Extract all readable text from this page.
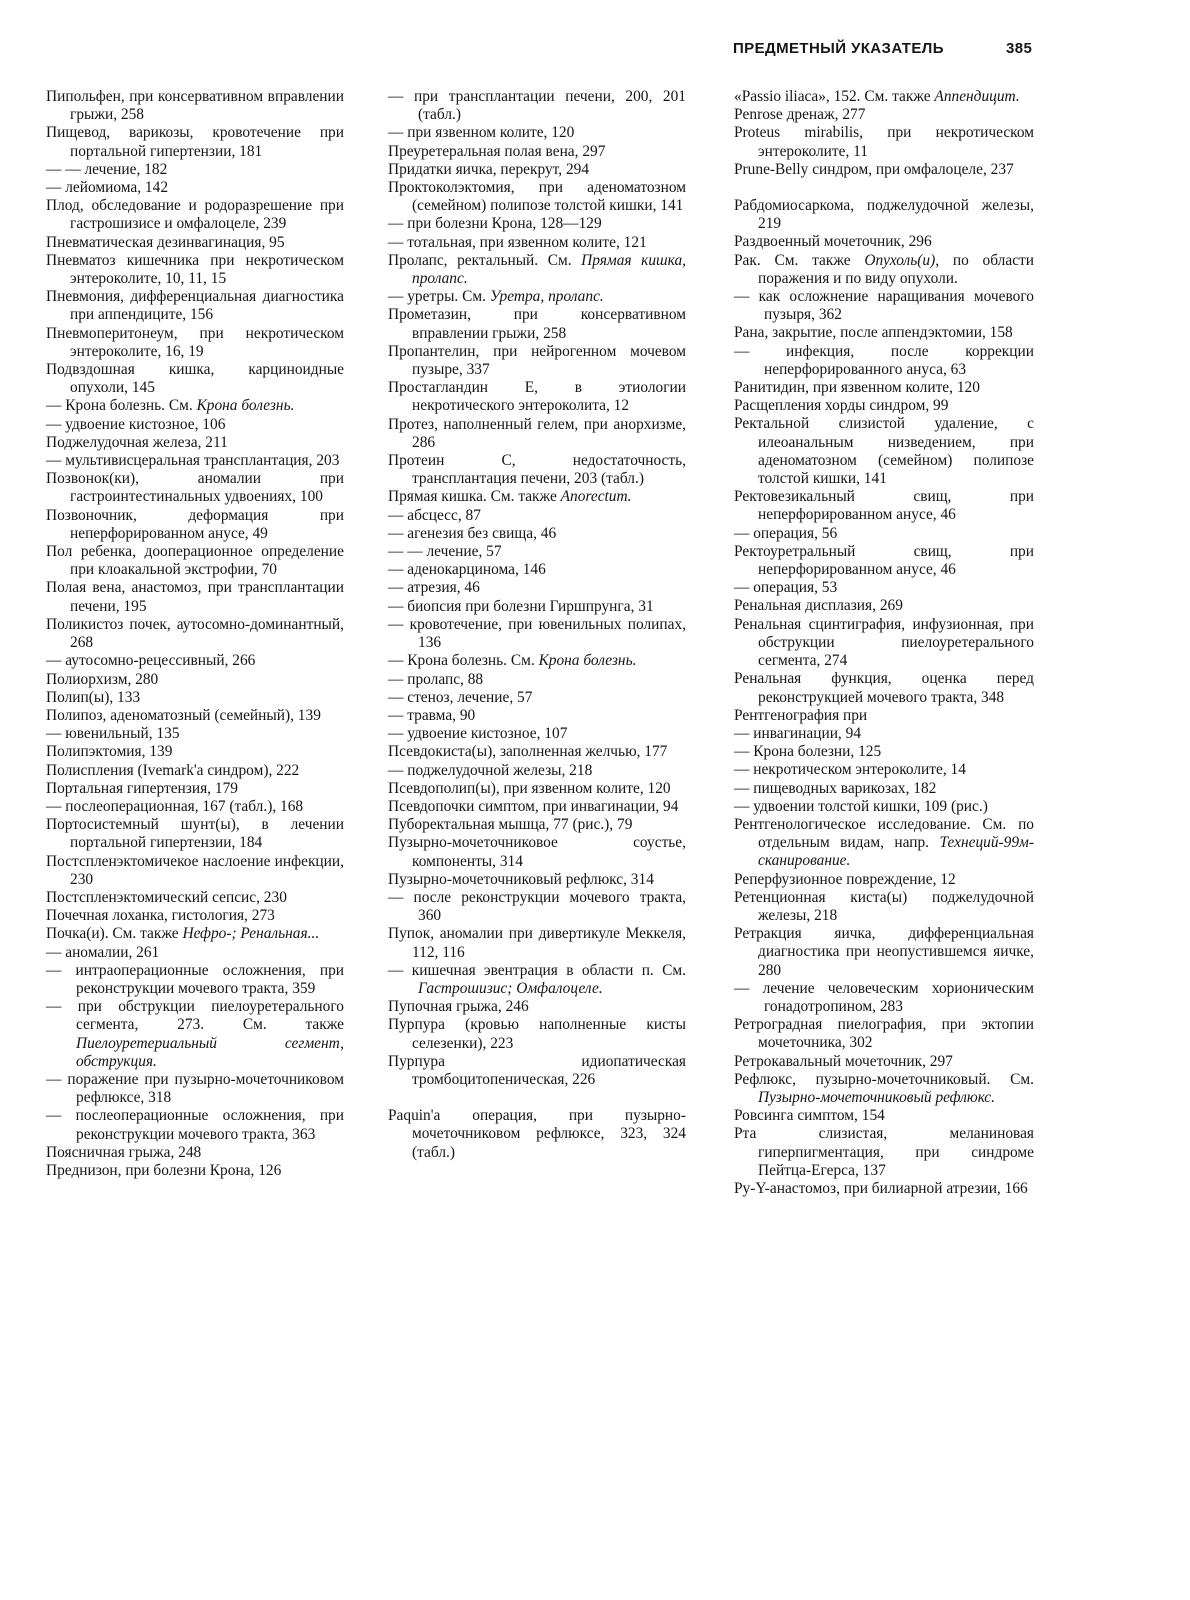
ПРЕДМЕТНЫЙ УКАЗАТЕЛЬ	385
Пипольфен, при консервативном вправлении грыжи, 258
Пищевод, варикозы, кровотечение при портальной гипертензии, 181
— — лечение, 182
— лейомиома, 142
Плод, обследование и родоразрешение при гастрошизисе и омфалоцеле, 239
Пневматическая дезинвагинация, 95
Пневматоз кишечника при некротическом энтероколите, 10, 11, 15
Пневмония, дифференциальная диагностика при аппендиците, 156
Пневмоперитонеум, при некротическом энтероколите, 16, 19
Подвздошная кишка, карциноидные опухоли, 145
— Крона болезнь. См. Крона болезнь.
— удвоение кистозное, 106
Поджелудочная железа, 211
— мультивисцеральная трансплантация, 203
Позвонок(ки), аномалии при гастроинтестинальных удвоениях, 100
Позвоночник, деформация при неперфорированном анусе, 49
Пол ребенка, дооперационное определение при клоакальной экстрофии, 70
Полая вена, анастомоз, при трансплантации печени, 195
Поликистоз почек, аутосомно-доминантный, 268
— аутосомно-рецессивный, 266
Полиорхизм, 280
Полип(ы), 133
Полипоз, аденоматозный (семейный), 139
— ювенильный, 135
Полипэктомия, 139
Полиспления (Ivemark'a синдром), 222
Портальная гипертензия, 179
— послеоперационная, 167 (табл.), 168
Портосистемный шунт(ы), в лечении портальной гипертензии, 184
Постспленэктомичекое наслоение инфекции, 230
Постспленэктомический сепсис, 230
Почечная лоханка, гистология, 273
Почка(и). См. также Нефро-; Ренальная...
— аномалии, 261
— интраоперационные осложнения, при реконструкции мочевого тракта, 359
— при обструкции пиелоуретерального сегмента, 273. См. также Пиелоуретериальный сегмент, обструкция.
— поражение при пузырно-мочеточниковом рефлюксе, 318
— послеоперационные осложнения, при реконструкции мочевого тракта, 363
Поясничная грыжа, 248
Преднизон, при болезни Крона, 126
— при трансплантации печени, 200, 201 (табл.)
— при язвенном колите, 120
Преуретеральная полая вена, 297
Придатки яичка, перекрут, 294
Проктоколэктомия, при аденоматозном (семейном) полипозе толстой кишки, 141
— при болезни Крона, 128—129
— тотальная, при язвенном колите, 121
Пролапс, ректальный. См. Прямая кишка, пролапс.
— уретры. См. Уретра, пролапс.
Прометазин, при консервативном вправлении грыжи, 258
Пропантелин, при нейрогенном мочевом пузыре, 337
Простагландин Е, в этиологии некротического энтероколита, 12
Протез, наполненный гелем, при анорхизме, 286
Протеин С, недостаточность, трансплантация печени, 203 (табл.)
Прямая кишка. См. также Anorectum.
— абсцесс, 87
— агенезия без свища, 46
— — лечение, 57
— аденокарцинома, 146
— атрезия, 46
— биопсия при болезни Гиршпрунга, 31
— кровотечение, при ювенильных полипах, 136
— Крона болезнь. См. Крона болезнь.
— пролапс, 88
— стеноз, лечение, 57
— травма, 90
— удвоение кистозное, 107
Псевдокиста(ы), заполненная желчью, 177
— поджелудочной железы, 218
Псевдополип(ы), при язвенном колите, 120
Псевдопочки симптом, при инвагинации, 94
Пуборектальная мышца, 77 (рис.), 79
Пузырно-мочеточниковое соустье, компоненты, 314
Пузырно-мочеточниковый рефлюкс, 314
— после реконструкции мочевого тракта, 360
Пупок, аномалии при дивертикуле Меккеля, 112, 116
— кишечная эвентрация в области п. См. Гастрошизис; Омфалоцеле.
Пупочная грыжа, 246
Пурпура (кровью наполненные кисты селезенки), 223
Пурпура идиопатическая тромбоцитопеническая, 226
Paquin'a операция, при пузырно-мочеточниковом рефлюксе, 323, 324 (табл.)
«Passio iliaca», 152. См. также Аппендицит.
Penrose дренаж, 277
Proteus mirabilis, при некротическом энтероколите, 11
Prune-Belly синдром, при омфалоцеле, 237
Рабдомиосаркома, поджелудочной железы, 219
Раздвоенный мочеточник, 296
Рак. См. также Опухоль(и), по области поражения и по виду опухоли.
— как осложнение наращивания мочевого пузыря, 362
Рана, закрытие, после аппендэктомии, 158
— инфекция, после коррекции неперфорированного ануса, 63
Ранитидин, при язвенном колите, 120
Расщепления хорды синдром, 99
Ректальной слизистой удаление, с илеоанальным низведением, при аденоматозном (семейном) полипозе толстой кишки, 141
Ректовезикальный свищ, при неперфорированном анусе, 46
— операция, 56
Ректоуретральный свищ, при неперфорированном анусе, 46
— операция, 53
Ренальная дисплазия, 269
Ренальная сцинтиграфия, инфузионная, при обструкции пиелоуретерального сегмента, 274
Ренальная функция, оценка перед реконструкцией мочевого тракта, 348
Рентгенография при
— инвагинации, 94
— Крона болезни, 125
— некротическом энтероколите, 14
— пищеводных варикозах, 182
— удвоении толстой кишки, 109 (рис.)
Рентгенологическое исследование. См. по отдельным видам, напр. Технеций-99м-сканирование.
Реперфузионное повреждение, 12
Ретенционная киста(ы) поджелудочной железы, 218
Ретракция яичка, дифференциальная диагностика при неопустившемся яичке, 280
— лечение человеческим хорионическим гонадотропином, 283
Ретроградная пиелография, при эктопии мочеточника, 302
Ретрокавальный мочеточник, 297
Рефлюкс, пузырно-мочеточниковый. См. Пузырно-мочеточниковый рефлюкс.
Ровсинга симптом, 154
Рта слизистая, меланиновая гиперпигментация, при синдроме Пейтца-Егерса, 137
Ру-Y-анастомоз, при билиарной атрезии, 166
